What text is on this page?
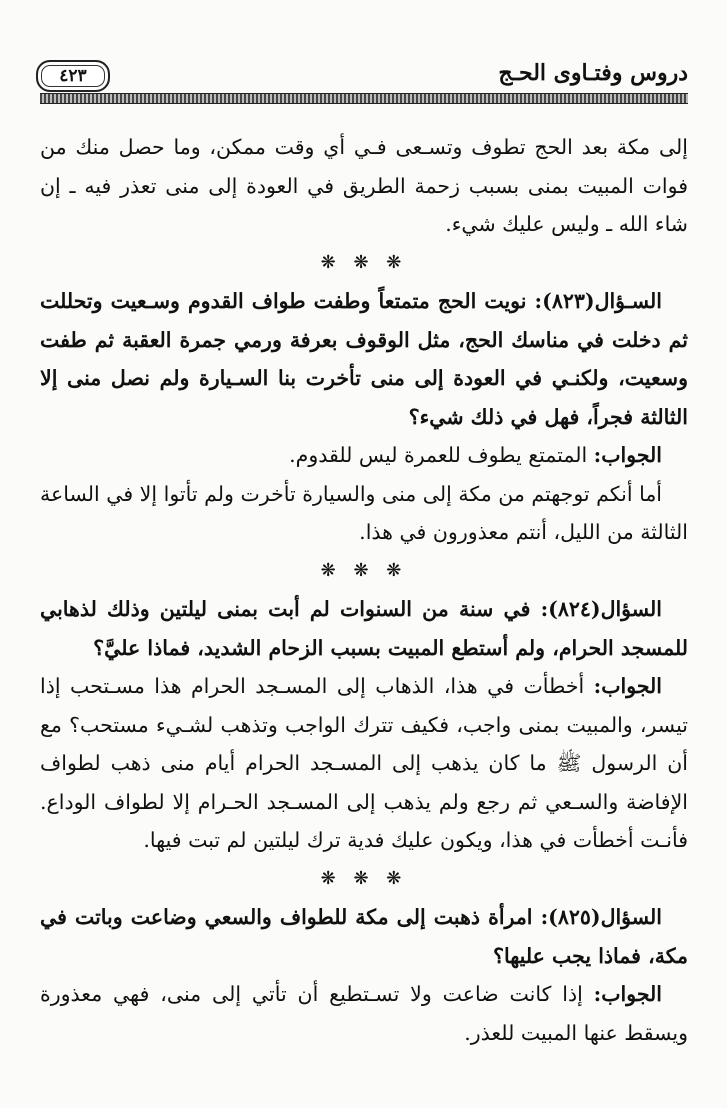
٤٢٣	دروس وفتـاوى الحـج

إلى مكة بعد الحج تطوف وتسـعى فـي أي وقت ممكن، وما حصل منك من فوات المبيت بمنى بسبب زحمة الطريق في العودة إلى منى تعذر فيه ـ إن شاء الله ـ وليس عليك شيء.

❋ ❋ ❋

السـؤال(٨٢٣): نويت الحج متمتعاً وطفت طواف القدوم وسـعيت وتحللت ثم دخلت في مناسك الحج، مثل الوقوف بعرفة ورمي جمرة العقبة ثم طفت وسعيت، ولكنـي في العودة إلى منى تأخرت بنا السـيارة ولم نصل منى إلا الثالثة فجراً، فهل في ذلك شيء؟

الجواب: المتمتع يطوف للعمرة ليس للقدوم.

أما أنكم توجهتم من مكة إلى منى والسيارة تأخرت ولم تأتوا إلا في الساعة الثالثة من الليل، أنتم معذورون في هذا.

❋ ❋ ❋

السؤال(٨٢٤): في سنة من السنوات لم أبت بمنى ليلتين وذلك لذهابي للمسجد الحرام، ولم أستطع المبيت بسبب الزحام الشديد، فماذا عليَّ؟

الجواب: أخطأت في هذا، الذهاب إلى المسـجد الحرام هذا مسـتحب إذا تيسر، والمبيت بمنى واجب، فكيف تترك الواجب وتذهب لشـيء مستحب؟ مع أن الرسول ﷺ ما كان يذهب إلى المسـجد الحرام أيام منى ذهب لطواف الإفاضة والسـعي ثم رجع ولم يذهب إلى المسـجد الحـرام إلا لطواف الوداع. فأنـت أخطأت في هذا، ويكون عليك فدية ترك ليلتين لم تبت فيها.

❋ ❋ ❋

السؤال(٨٢٥): امرأة ذهبت إلى مكة للطواف والسعي وضاعت وباتت في مكة، فماذا يجب عليها؟

الجواب: إذا كانت ضاعت ولا تسـتطيع أن تأتي إلى منى، فهي معذورة ويسقط عنها المبيت للعذر.
